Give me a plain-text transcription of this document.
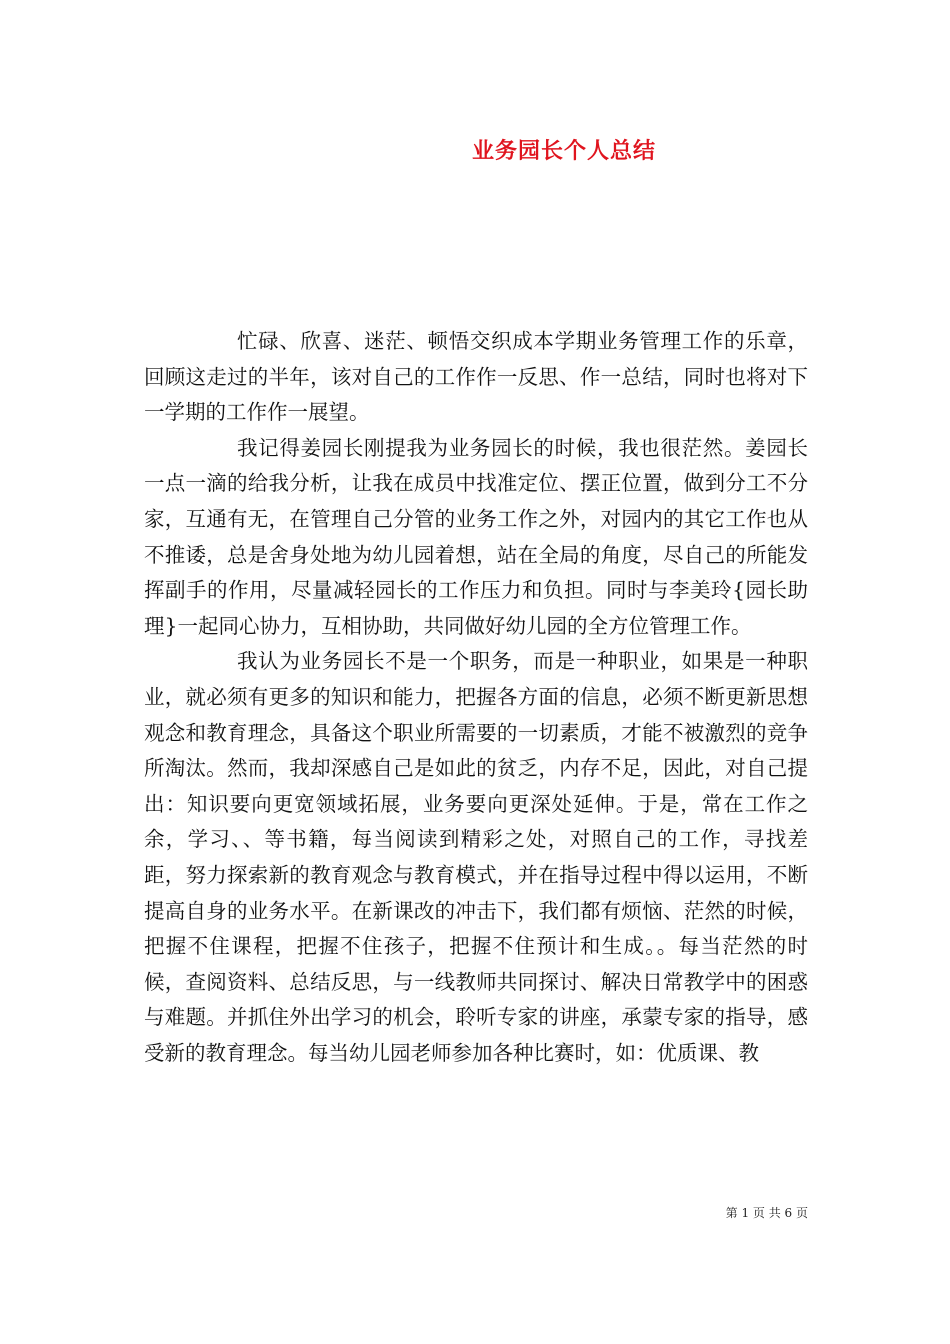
业务园长个人总结

忙碌、欣喜、迷茫、顿悟交织成本学期业务管理工作的乐章，回顾这走过的半年，该对自己的工作作一反思、作一总结，同时也将对下一学期的工作作一展望。

我记得姜园长刚提我为业务园长的时候，我也很茫然。姜园长一点一滴的给我分析，让我在成员中找准定位、摆正位置，做到分工不分家，互通有无，在管理自己分管的业务工作之外，对园内的其它工作也从不推诿，总是舍身处地为幼儿园着想，站在全局的角度，尽自己的所能发挥副手的作用，尽量减轻园长的工作压力和负担。同时与李美玲{园长助理}一起同心协力，互相协助，共同做好幼儿园的全方位管理工作。

我认为业务园长不是一个职务，而是一种职业，如果是一种职业，就必须有更多的知识和能力，把握各方面的信息，必须不断更新思想观念和教育理念，具备这个职业所需要的一切素质，才能不被激烈的竞争所淘汰。然而，我却深感自己是如此的贫乏，内存不足，因此，对自己提出：知识要向更宽领域拓展，业务要向更深处延伸。于是，常在工作之余，学习、、等书籍，每当阅读到精彩之处，对照自己的工作，寻找差距，努力探索新的教育观念与教育模式，并在指导过程中得以运用，不断提高自身的业务水平。在新课改的冲击下，我们都有烦恼、茫然的时候，把握不住课程，把握不住孩子，把握不住预计和生成。。每当茫然的时候，查阅资料、总结反思，与一线教师共同探讨、解决日常教学中的困惑与难题。并抓住外出学习的机会，聆听专家的讲座，承蒙专家的指导，感受新的教育理念。每当幼儿园老师参加各种比赛时，如：优质课、教

第 1 页 共 6 页
